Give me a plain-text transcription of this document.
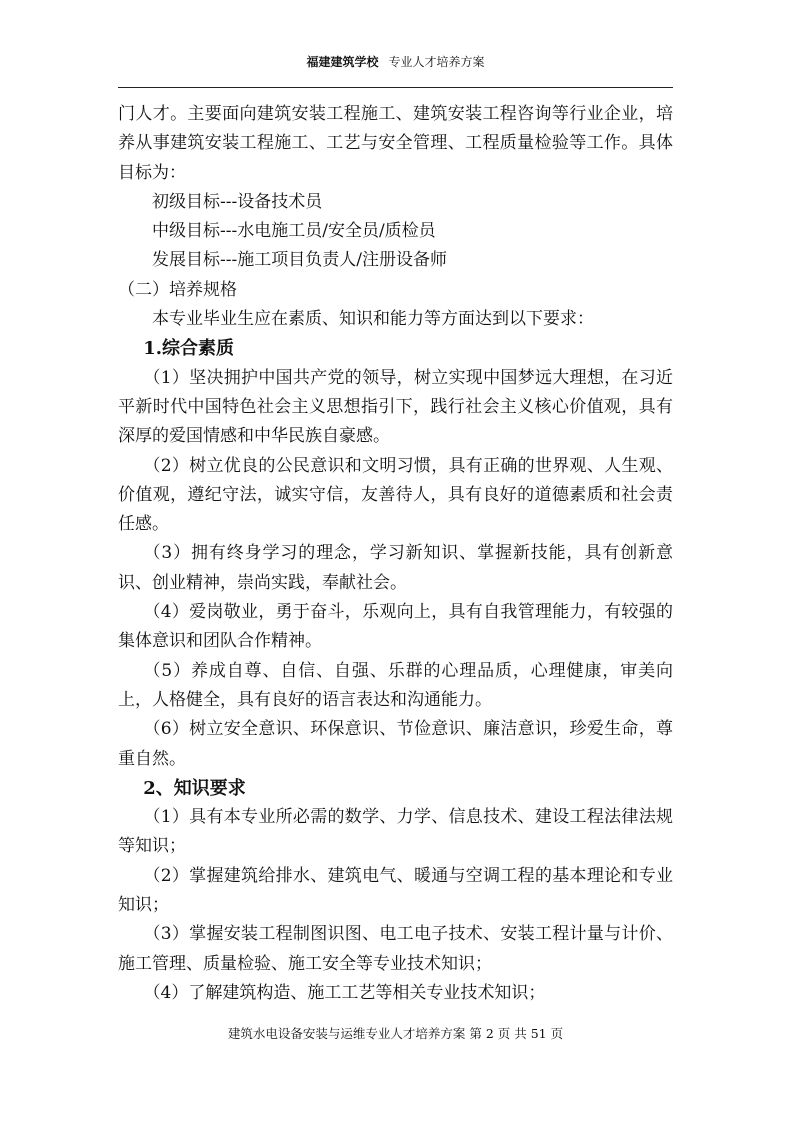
福建建筑学校 专业人才培养方案

门人才。主要面向建筑安装工程施工、建筑安装工程咨询等行业企业，培养从事建筑安装工程施工、工艺与安全管理、工程质量检验等工作。具体目标为：

初级目标---设备技术员

中级目标---水电施工员/安全员/质检员

发展目标---施工项目负责人/注册设备师

（二）培养规格

本专业毕业生应在素质、知识和能力等方面达到以下要求：

1.综合素质

（1）坚决拥护中国共产党的领导，树立实现中国梦远大理想，在习近平新时代中国特色社会主义思想指引下，践行社会主义核心价值观，具有深厚的爱国情感和中华民族自豪感。

（2）树立优良的公民意识和文明习惯，具有正确的世界观、人生观、价值观，遵纪守法，诚实守信，友善待人，具有良好的道德素质和社会责任感。

（3）拥有终身学习的理念，学习新知识、掌握新技能，具有创新意识、创业精神，崇尚实践，奉献社会。

（4）爱岗敬业，勇于奋斗，乐观向上，具有自我管理能力，有较强的集体意识和团队合作精神。

（5）养成自尊、自信、自强、乐群的心理品质，心理健康，审美向上，人格健全，具有良好的语言表达和沟通能力。

（6）树立安全意识、环保意识、节俭意识、廉洁意识，珍爱生命，尊重自然。

2、知识要求

（1）具有本专业所必需的数学、力学、信息技术、建设工程法律法规等知识；

（2）掌握建筑给排水、建筑电气、暖通与空调工程的基本理论和专业知识；

（3）掌握安装工程制图识图、电工电子技术、安装工程计量与计价、施工管理、质量检验、施工安全等专业技术知识；

（4）了解建筑构造、施工工艺等相关专业技术知识；

建筑水电设备安装与运维专业人才培养方案 第 2 页 共 51 页
